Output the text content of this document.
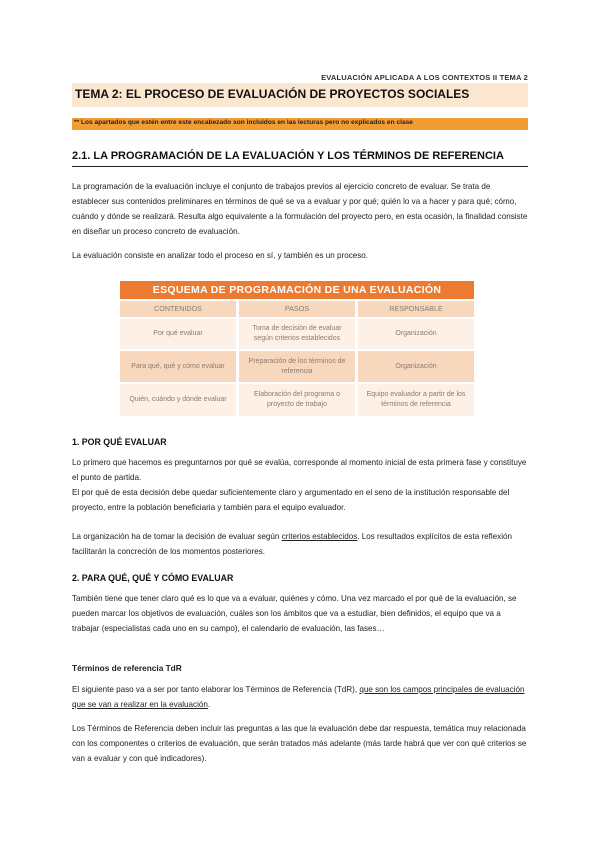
EVALUACIÓN APLICADA A LOS CONTEXTOS II TEMA 2
TEMA 2: EL PROCESO DE EVALUACIÓN DE PROYECTOS SOCIALES
** Los apartados que estén entre este encabezado son incluidos en las lecturas pero no explicados en clase
2.1. LA PROGRAMACIÓN DE LA EVALUACIÓN Y LOS TÉRMINOS DE REFERENCIA

La programación de la evaluación incluye el conjunto de trabajos previos al ejercicio concreto de evaluar. Se trata de establecer sus contenidos preliminares en términos de qué se va a evaluar y por qué; quién lo va a hacer y para qué; cómo, cuándo y dónde se realizará. Resulta algo equivalente a la formulación del proyecto pero, en esta ocasión, la finalidad consiste en diseñar un proceso concreto de evaluación.

La evaluación consiste en analizar todo el proceso en sí, y también es un proceso.

ESQUEMA DE PROGRAMACIÓN DE UNA EVALUACIÓN
CONTENIDOS	PASOS	RESPONSABLE
Por qué evaluar
Toma de decisión de evaluar según criterios establecidos
Organización
Para qué, qué y cómo evaluar
Preparación de los términos de referencia
Organización
Quién, cuándo y dónde evaluar
Elaboración del programa o proyecto de trabajo
Equipo evaluador a partir de los términos de referencia
1. POR QUÉ EVALUAR

Lo primero que hacemos es preguntarnos por qué se evalúa, corresponde al momento inicial de esta primera fase y constituye el punto de partida.

El por qué de esta decisión debe quedar suficientemente claro y argumentado en el seno de la institución responsable del proyecto, entre la población beneficiaria y también para el equipo evaluador.

La organización ha de tomar la decisión de evaluar según criterios establecidos. Los resultados explícitos de esta reflexión facilitarán la concreción de los momentos posteriores.

2. PARA QUÉ, QUÉ Y CÓMO EVALUAR

También tiene que tener claro qué es lo que va a evaluar, quiénes y cómo. Una vez marcado el por qué de la evaluación, se pueden marcar los objetivos de evaluación, cuáles son los ámbitos que va a estudiar, bien definidos, el equipo que va a trabajar (especialistas cada uno en su campo), el calendario de evaluación, las fases…

Términos de referencia TdR

El siguiente paso va a ser por tanto elaborar los Términos de Referencia (TdR), que son los campos principales de evaluación que se van a realizar en la evaluación.

Los Términos de Referencia deben incluir las preguntas a las que la evaluación debe dar respuesta, temática muy relacionada con los componentes o criterios de evaluación, que serán tratados más adelante (más tarde habrá que ver con qué criterios se van a evaluar y con qué indicadores).
